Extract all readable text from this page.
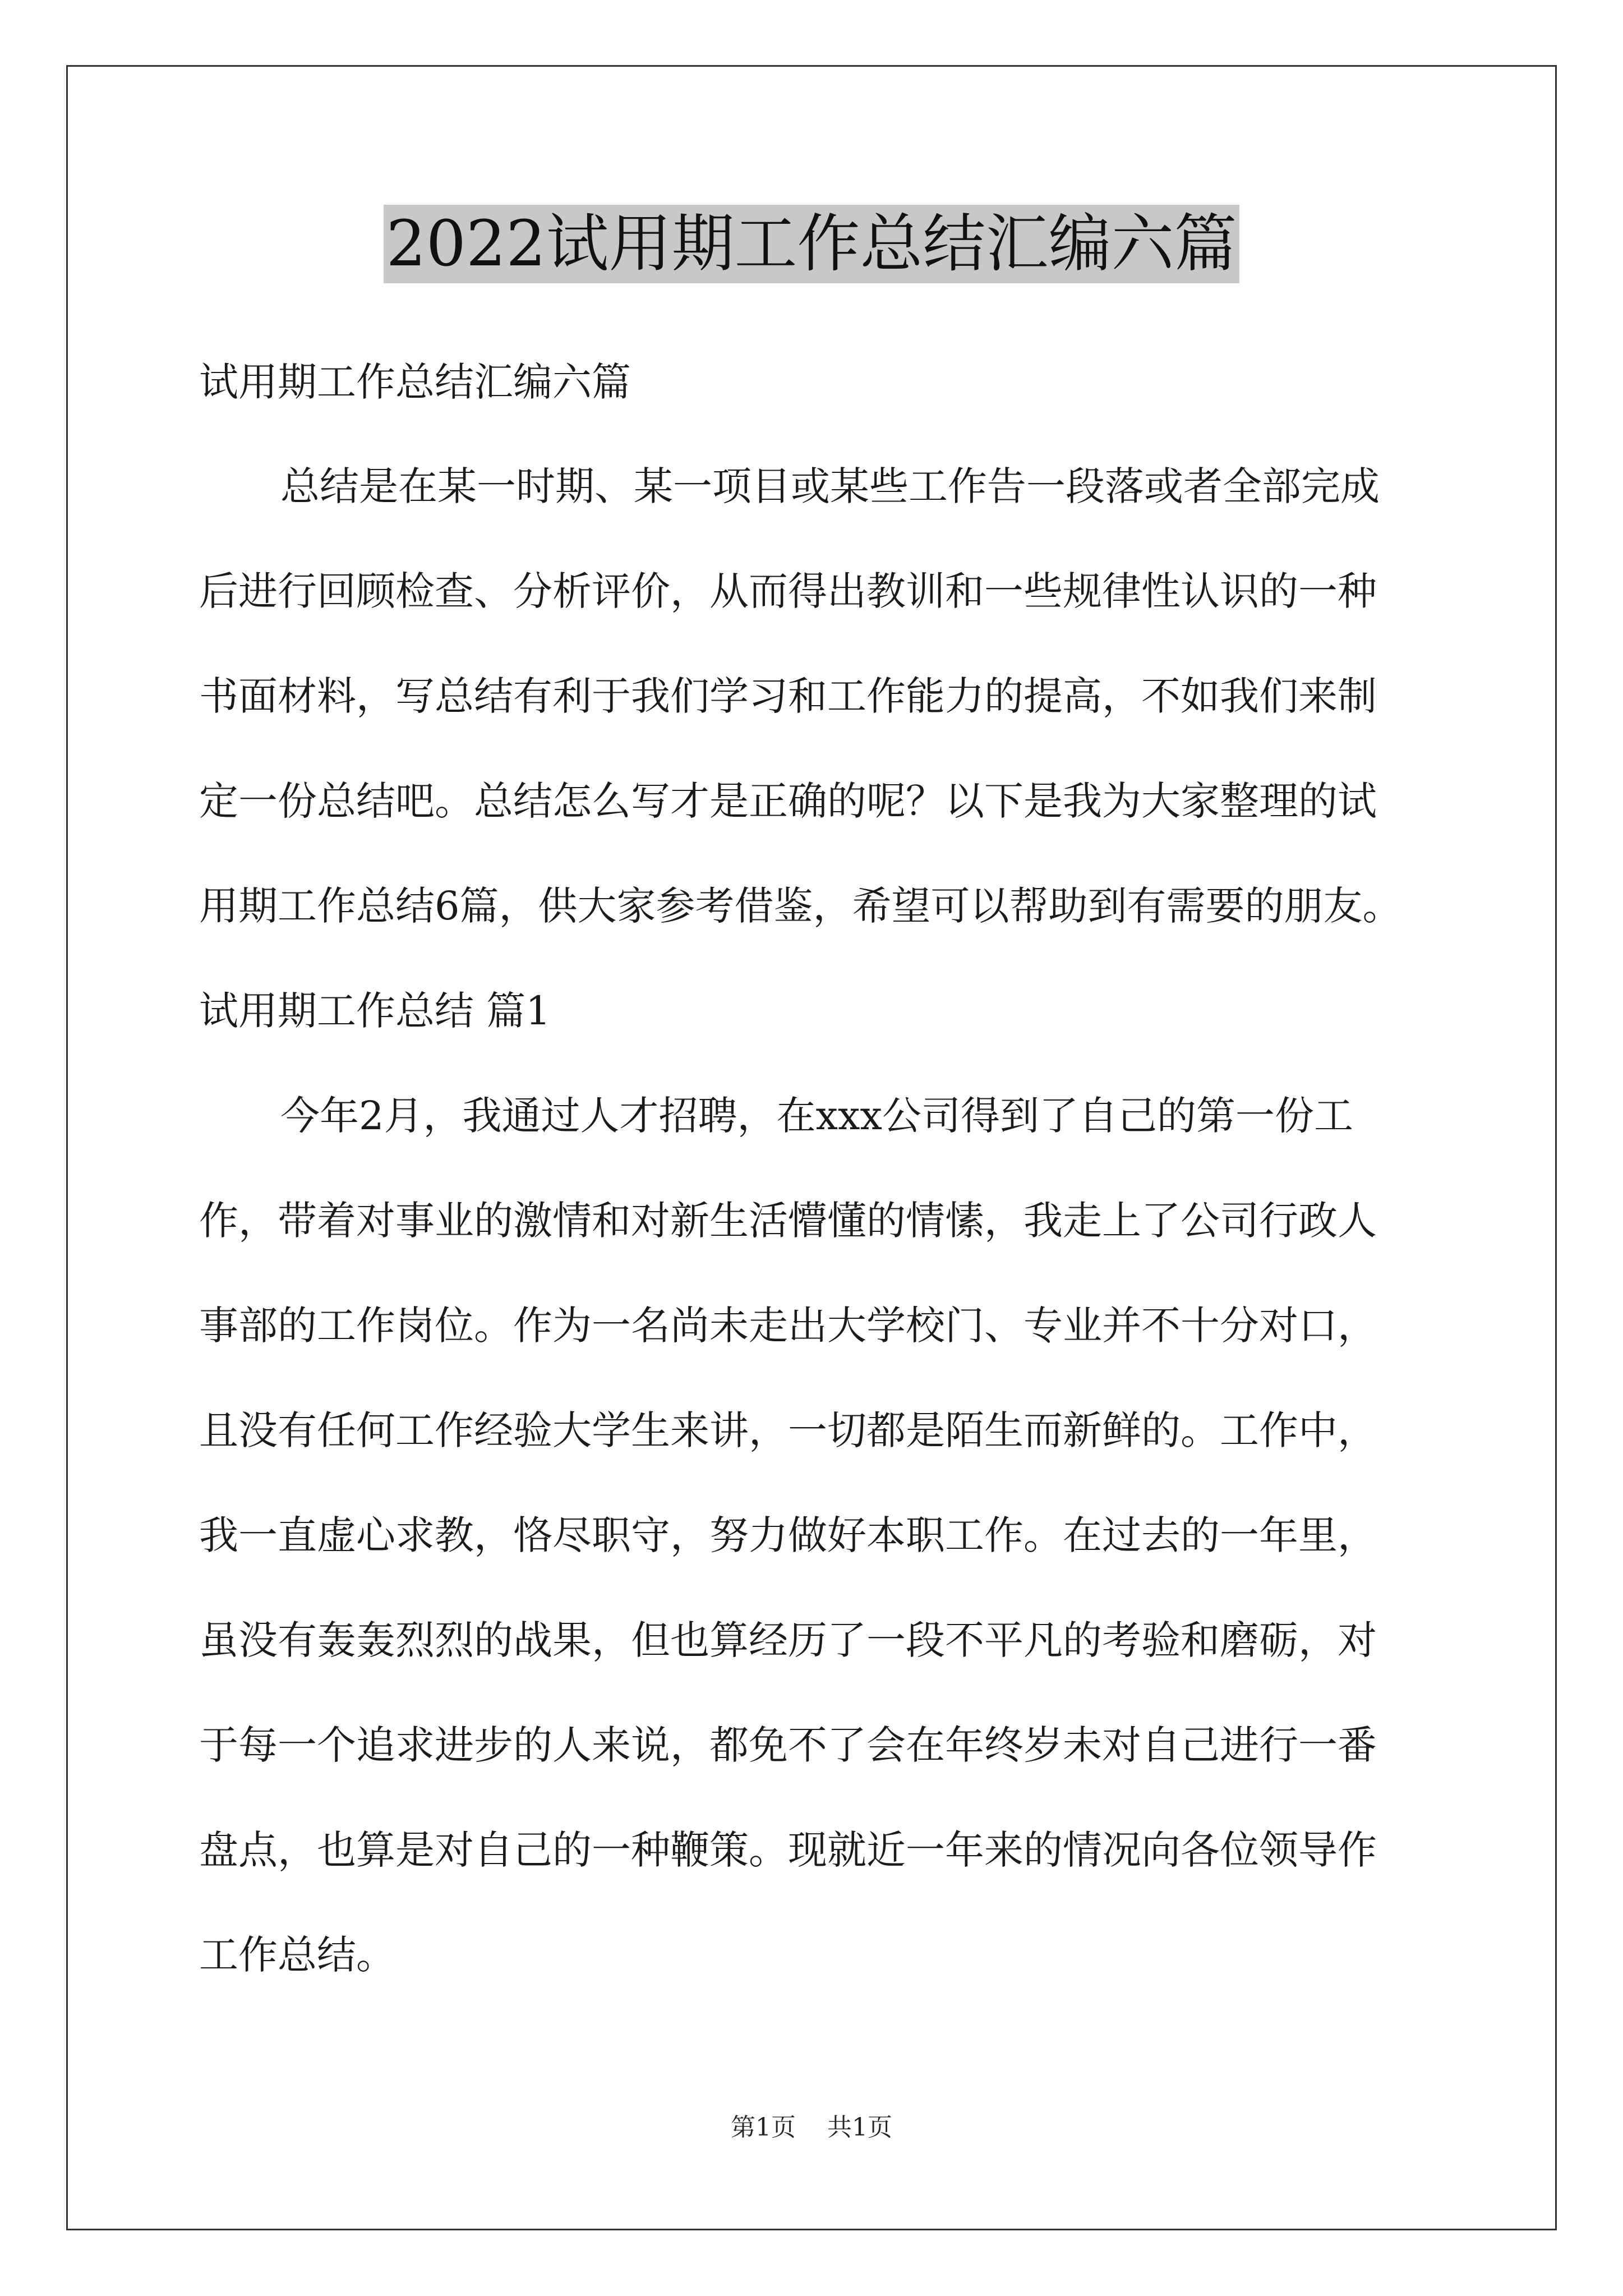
2022试用期工作总结汇编六篇
试用期工作总结汇编六篇
总结是在某一时期、某一项目或某些工作告一段落或者全部完成
后进行回顾检查、分析评价，从而得出教训和一些规律性认识的一种
书面材料，写总结有利于我们学习和工作能力的提高，不如我们来制
定一份总结吧。总结怎么写才是正确的呢？以下是我为大家整理的试
用期工作总结6篇，供大家参考借鉴，希望可以帮助到有需要的朋友。
试用期工作总结 篇1
今年2月，我通过人才招聘，在xxx公司得到了自己的第一份工
作，带着对事业的激情和对新生活懵懂的情愫，我走上了公司行政人
事部的工作岗位。作为一名尚未走出大学校门、专业并不十分对口，
且没有任何工作经验大学生来讲，一切都是陌生而新鲜的。工作中，
我一直虚心求教，恪尽职守，努力做好本职工作。在过去的一年里，
虽没有轰轰烈烈的战果，但也算经历了一段不平凡的考验和磨砺，对
于每一个追求进步的人来说，都免不了会在年终岁未对自己进行一番
盘点，也算是对自己的一种鞭策。现就近一年来的情况向各位领导作
工作总结。
第1页 共1页
